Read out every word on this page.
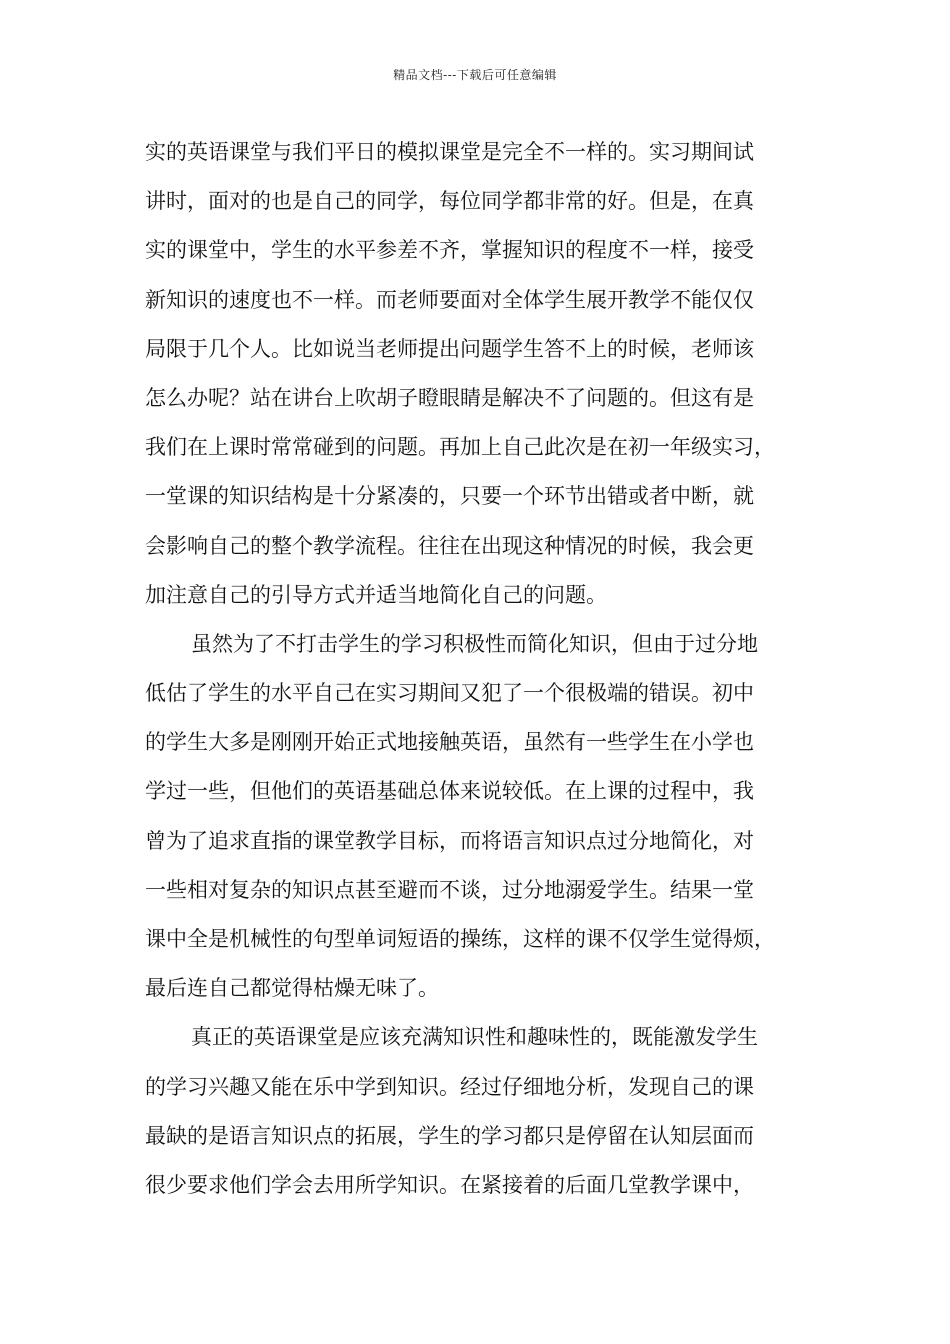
精品文档---下载后可任意编辑
实的英语课堂与我们平日的模拟课堂是完全不一样的。实习期间试
讲时，面对的也是自己的同学，每位同学都非常的好。但是，在真
实的课堂中，学生的水平参差不齐，掌握知识的程度不一样，接受
新知识的速度也不一样。而老师要面对全体学生展开教学不能仅仅
局限于几个人。比如说当老师提出问题学生答不上的时候，老师该
怎么办呢？站在讲台上吹胡子瞪眼睛是解决不了问题的。但这有是
我们在上课时常常碰到的问题。再加上自己此次是在初一年级实习，
一堂课的知识结构是十分紧凑的，只要一个环节出错或者中断，就
会影响自己的整个教学流程。往往在出现这种情况的时候，我会更
加注意自己的引导方式并适当地简化自己的问题。
虽然为了不打击学生的学习积极性而简化知识，但由于过分地
低估了学生的水平自己在实习期间又犯了一个很极端的错误。初中
的学生大多是刚刚开始正式地接触英语，虽然有一些学生在小学也
学过一些，但他们的英语基础总体来说较低。在上课的过程中，我
曾为了追求直指的课堂教学目标，而将语言知识点过分地简化，对
一些相对复杂的知识点甚至避而不谈，过分地溺爱学生。结果一堂
课中全是机械性的句型单词短语的操练，这样的课不仅学生觉得烦，
最后连自己都觉得枯燥无味了。
真正的英语课堂是应该充满知识性和趣味性的，既能激发学生
的学习兴趣又能在乐中学到知识。经过仔细地分析，发现自己的课
最缺的是语言知识点的拓展，学生的学习都只是停留在认知层面而
很少要求他们学会去用所学知识。在紧接着的后面几堂教学课中，
